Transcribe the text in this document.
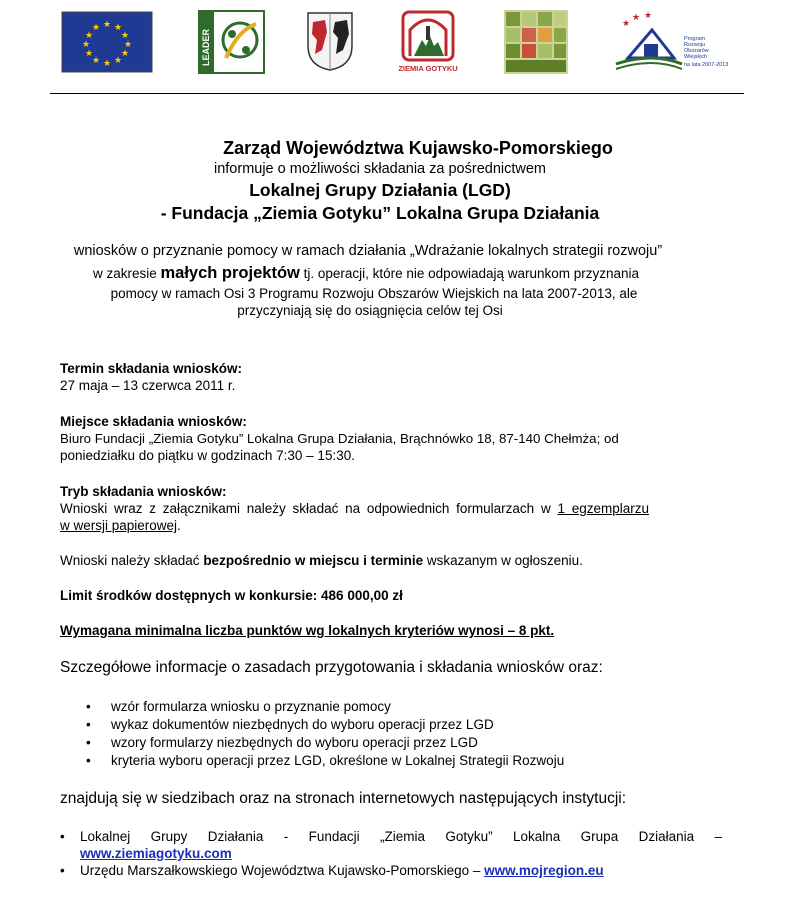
★ ★
★
★
★
★
★
★
★
★
★
★
LEADER
ZIEMIA GOTYKU
★
★ ★
Program
Rozwoju
Obszarów
Wiejskich
na lata 2007-2013
Zarząd Województwa Kujawsko-Pomorskiego
informuje o możliwości składania za pośrednictwem
Lokalnej Grupy Działania (LGD)
- Fundacja „Ziemia Gotyku” Lokalna Grupa Działania
wniosków o przyznanie pomocy w ramach działania „Wdrażanie lokalnych strategii rozwoju”
w zakresie małych projektów tj. operacji, które nie odpowiadają warunkom przyznania
pomocy w ramach Osi 3 Programu Rozwoju Obszarów Wiejskich na lata 2007-2013, ale
przyczyniają się do osiągnięcia celów tej Osi
Termin składania wniosków:
27 maja – 13 czerwca 2011 r.
Miejsce składania wniosków:
Biuro Fundacji „Ziemia Gotyku” Lokalna Grupa Działania, Brąchnówko 18, 87-140 Chełmża; od
poniedziałku do piątku w godzinach 7:30 – 15:30.
Tryb składania wniosków:
Wnioski wraz z załącznikami należy składać na odpowiednich formularzach w 1 egzemplarzu
w wersji papierowej.
Wnioski należy składać bezpośrednio w miejscu i terminie wskazanym w ogłoszeniu.
Limit środków dostępnych w konkursie: 486 000,00 zł
Wymagana minimalna liczba punktów wg lokalnych kryteriów wynosi – 8 pkt.
Szczegółowe informacje o zasadach przygotowania i składania wniosków oraz:
• wzór formularza wniosku o przyznanie pomocy
• wykaz dokumentów niezbędnych do wyboru operacji przez LGD
• wzory formularzy niezbędnych do wyboru operacji przez LGD
• kryteria wyboru operacji przez LGD, określone w Lokalnej Strategii Rozwoju
znajdują się w siedzibach oraz na stronach internetowych następujących instytucji:
• Lokalnej Grupy Działania - Fundacji „Ziemia Gotyku” Lokalna Grupa Działania –
www.ziemiagotyku.com
• Urzędu Marszałkowskiego Województwa Kujawsko-Pomorskiego – www.mojregion.eu
